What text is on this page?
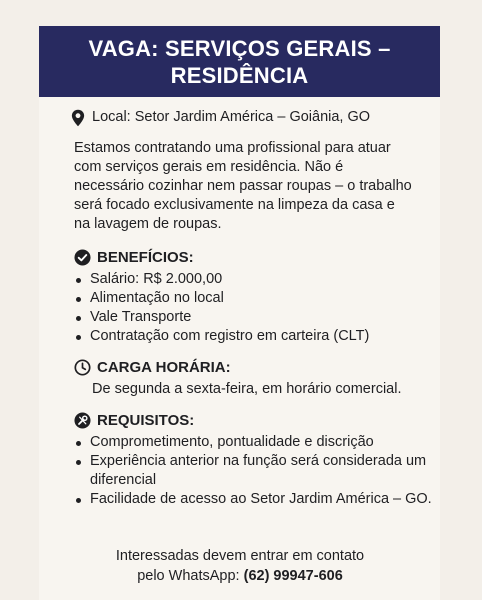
VAGA: SERVIÇOS GERAIS –
RESIDÊNCIA
Local: Setor Jardim América – Goiânia, GO

Estamos contratando uma profissional para atuar com serviços gerais em residência. Não é necessário cozinhar nem passar roupas – o trabalho será focado exclusivamente na limpeza da casa e na lavagem de roupas.

BENEFÍCIOS:
Salário: R$ 2.000,00
Alimentação no local
Vale Transporte
Contratação com registro em carteira (CLT)
CARGA HORÁRIA:
De segunda a sexta-feira, em horário comercial.
REQUISITOS:
Comprometimento, pontualidade e discrição
Experiência anterior na função será considerada um diferencial
Facilidade de acesso ao Setor Jardim América – GO.
Interessadas devem entrar em contato
pelo WhatsApp: (62) 99947-606
